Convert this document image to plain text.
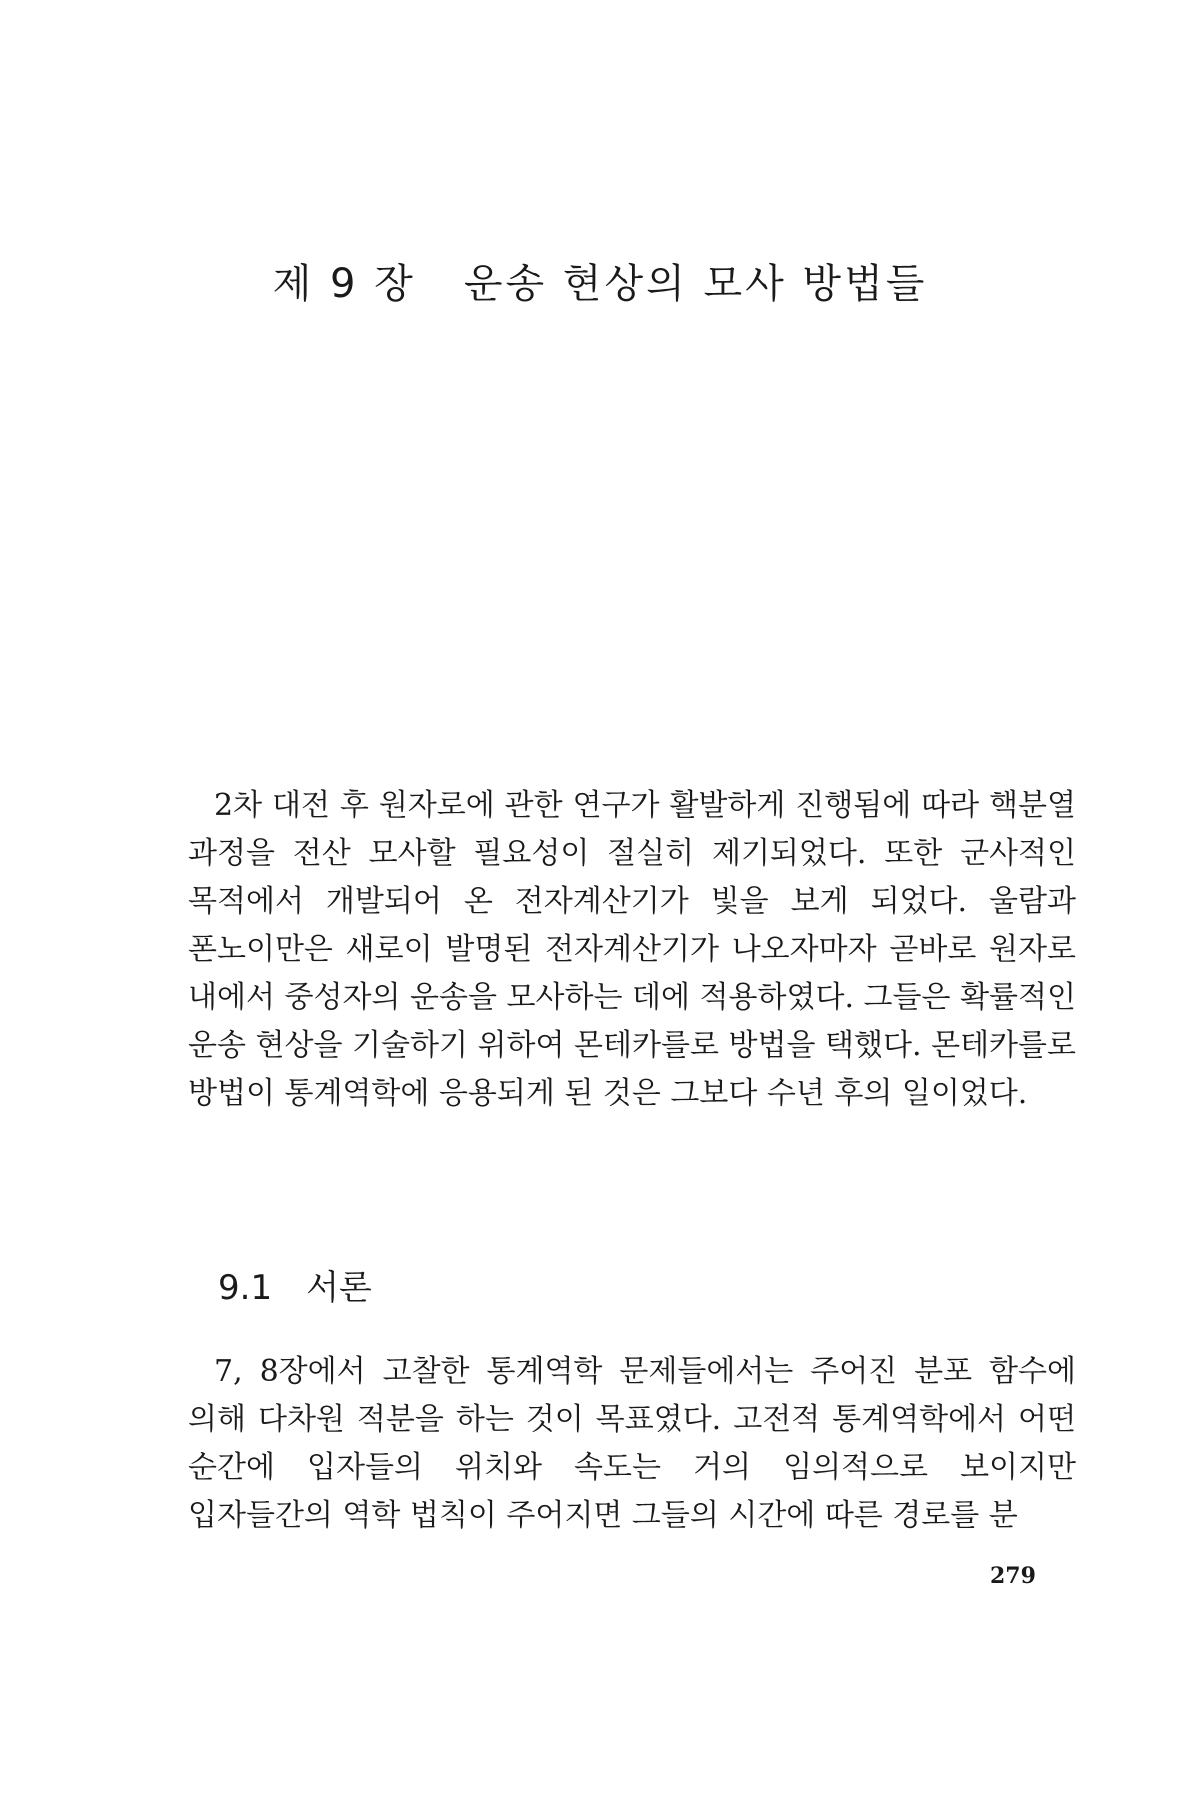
제 9 장 운송 현상의 모사 방법들

2차 대전 후 원자로에 관한 연구가 활발하게 진행됨에 따라 핵분열 과정을 전산 모사할 필요성이 절실히 제기되었다. 또한 군사적인 목적에서 개발되어 온 전자계산기가 빛을 보게 되었다. 울람과 폰노이만은 새로이 발명된 전자계산기가 나오자마자 곧바로 원자로 내에서 중성자의 운송을 모사하는 데에 적용하였다. 그들은 확률적인 운송 현상을 기술하기 위하여 몬테카를로 방법을 택했다. 몬테카를로 방법이 통계역학에 응용되게 된 것은 그보다 수년 후의 일이었다.

9.1 서론

7, 8장에서 고찰한 통계역학 문제들에서는 주어진 분포 함수에 의해 다차원 적분을 하는 것이 목표였다. 고전적 통계역학에서 어떤 순간에 입자들의 위치와 속도는 거의 임의적으로 보이지만 입자들간의 역학 법칙이 주어지면 그들의 시간에 따른 경로를 분

279
